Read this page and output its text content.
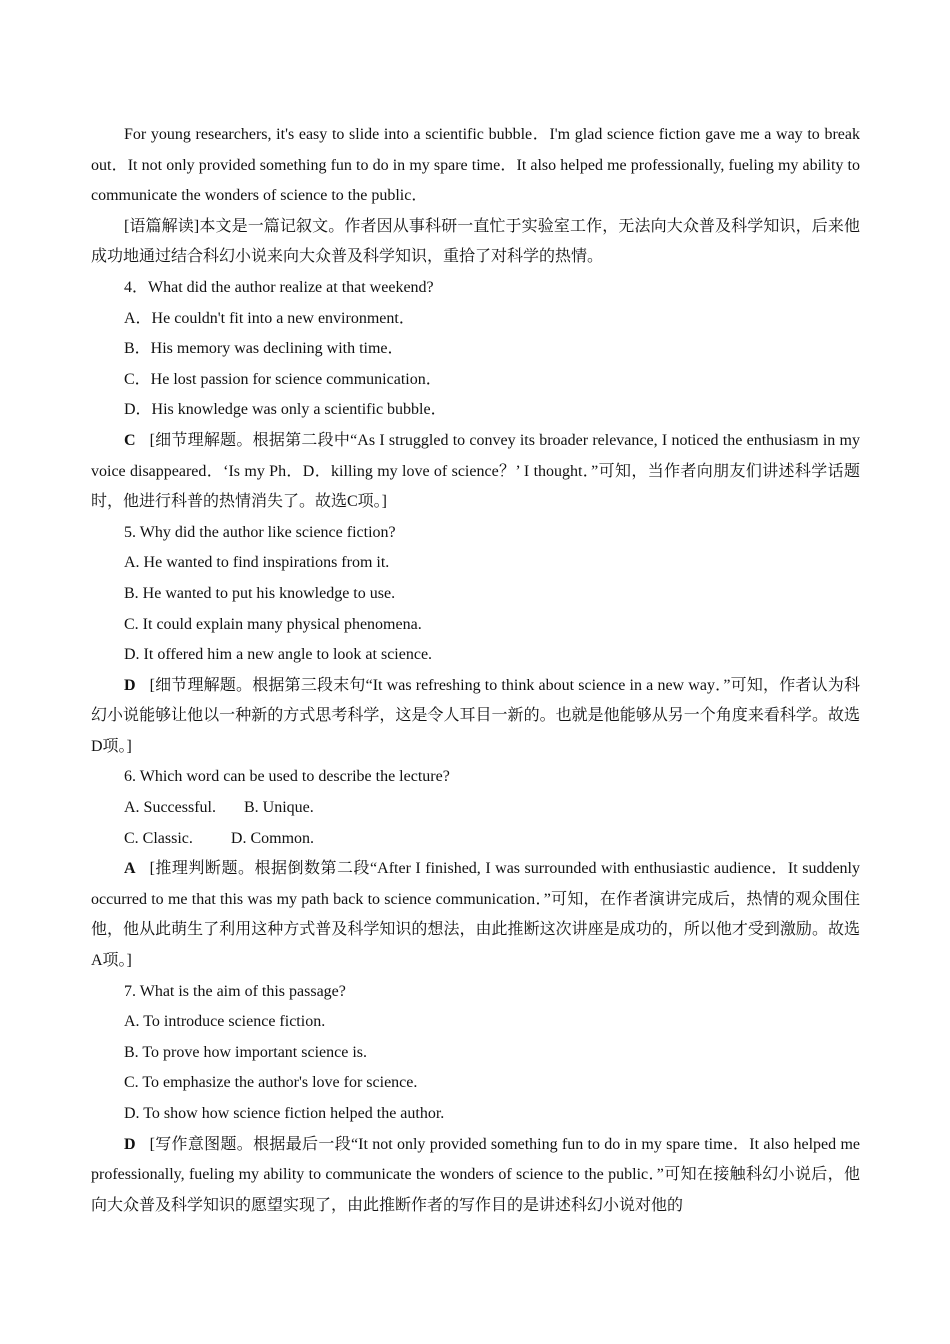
For young researchers, it's easy to slide into a scientific bubble．I'm glad science fiction gave me a way to break out．It not only provided something fun to do in my spare time．It also helped me professionally, fueling my ability to communicate the wonders of science to the public．

[语篇解读]本文是一篇记叙文。作者因从事科研一直忙于实验室工作，无法向大众普及科学知识，后来他成功地通过结合科幻小说来向大众普及科学知识，重拾了对科学的热情。

4．What did the author realize at that weekend?

A．He couldn't fit into a new environment．

B．His memory was declining with time．

C．He lost passion for science communication．

D．His knowledge was only a scientific bubble．

C [细节理解题。根据第二段中“As I struggled to convey its broader relevance, I noticed the enthusiasm in my voice disappeared．‘Is my Ph．D．killing my love of science？’ I thought．”可知，当作者向朋友们讲述科学话题时，他进行科普的热情消失了。故选C项。]

5. Why did the author like science fiction?

A. He wanted to find inspirations from it.

B. He wanted to put his knowledge to use.

C. It could explain many physical phenomena.

D. It offered him a new angle to look at science.

D [细节理解题。根据第三段末句“It was refreshing to think about science in a new way．”可知，作者认为科幻小说能够让他以一种新的方式思考科学，这是令人耳目一新的。也就是他能够从另一个角度来看科学。故选D项。]

6. Which word can be used to describe the lecture?

A. Successful. B. Unique.

C. Classic. D. Common.

A [推理判断题。根据倒数第二段“After I finished, I was surrounded with enthusiastic audience．It suddenly occurred to me that this was my path back to science communication．”可知，在作者演讲完成后，热情的观众围住他，他从此萌生了利用这种方式普及科学知识的想法，由此推断这次讲座是成功的，所以他才受到激励。故选A项。]

7. What is the aim of this passage?

A. To introduce science fiction.

B. To prove how important science is.

C. To emphasize the author's love for science.

D. To show how science fiction helped the author.

D [写作意图题。根据最后一段“It not only provided something fun to do in my spare time．It also helped me professionally, fueling my ability to communicate the wonders of science to the public．”可知在接触科幻小说后，他向大众普及科学知识的愿望实现了，由此推断作者的写作目的是讲述科幻小说对他的
